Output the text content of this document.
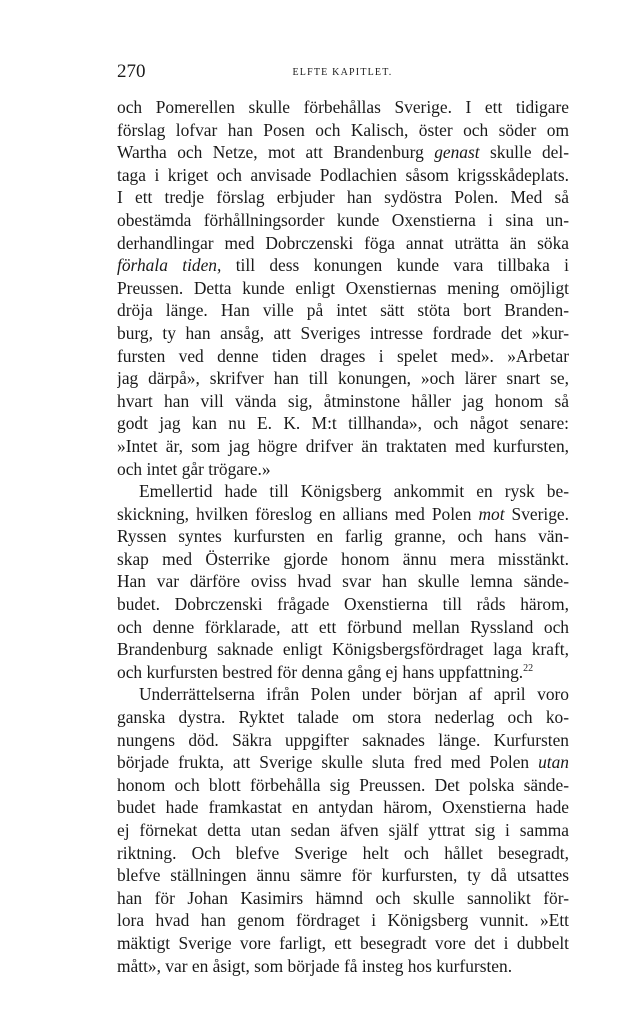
270	ELFTE KAPITLET.
och Pomerellen skulle förbehållas Sverige. I ett tidigare
förslag lofvar han Posen och Kalisch, öster och söder om
Wartha och Netze, mot att Brandenburg genast skulle del-
taga i kriget och anvisade Podlachien såsom krigsskådeplats.
I ett tredje förslag erbjuder han sydöstra Polen. Med så
obestämda förhållningsorder kunde Oxenstierna i sina un-
derhandlingar med Dobrczenski föga annat uträtta än söka
förhala tiden, till dess konungen kunde vara tillbaka i
Preussen. Detta kunde enligt Oxenstiernas mening omöjligt
dröja länge. Han ville på intet sätt stöta bort Branden-
burg, ty han ansåg, att Sveriges intresse fordrade det »kur-
fursten ved denne tiden drages i spelet med». »Arbetar
jag därpå», skrifver han till konungen, »och lärer snart se,
hvart han vill vända sig, åtminstone håller jag honom så
godt jag kan nu E. K. M:t tillhanda», och något senare:
»Intet är, som jag högre drifver än traktaten med kurfursten,
och intet går trögare.»
Emellertid hade till Königsberg ankommit en rysk be-
skickning, hvilken föreslog en allians med Polen mot Sverige.
Ryssen syntes kurfursten en farlig granne, och hans vän-
skap med Österrike gjorde honom ännu mera misstänkt.
Han var därföre oviss hvad svar han skulle lemna sände-
budet. Dobrczenski frågade Oxenstierna till råds härom,
och denne förklarade, att ett förbund mellan Ryssland och
Brandenburg saknade enligt Königsbergsfördraget laga kraft,
och kurfursten bestred för denna gång ej hans uppfattning.$^{22}$
Underrättelserna ifrån Polen under början af april voro
ganska dystra. Ryktet talade om stora nederlag och ko-
nungens död. Säkra uppgifter saknades länge. Kurfursten
började frukta, att Sverige skulle sluta fred med Polen utan
honom och blott förbehålla sig Preussen. Det polska sände-
budet hade framkastat en antydan härom, Oxenstierna hade
ej förnekat detta utan sedan äfven själf yttrat sig i samma
riktning. Och blefve Sverige helt och hållet besegradt,
blefve ställningen ännu sämre för kurfursten, ty då utsattes
han för Johan Kasimirs hämnd och skulle sannolikt för-
lora hvad han genom fördraget i Königsberg vunnit. »Ett
mäktigt Sverige vore farligt, ett besegradt vore det i dubbelt
mått», var en åsigt, som började få insteg hos kurfursten.
